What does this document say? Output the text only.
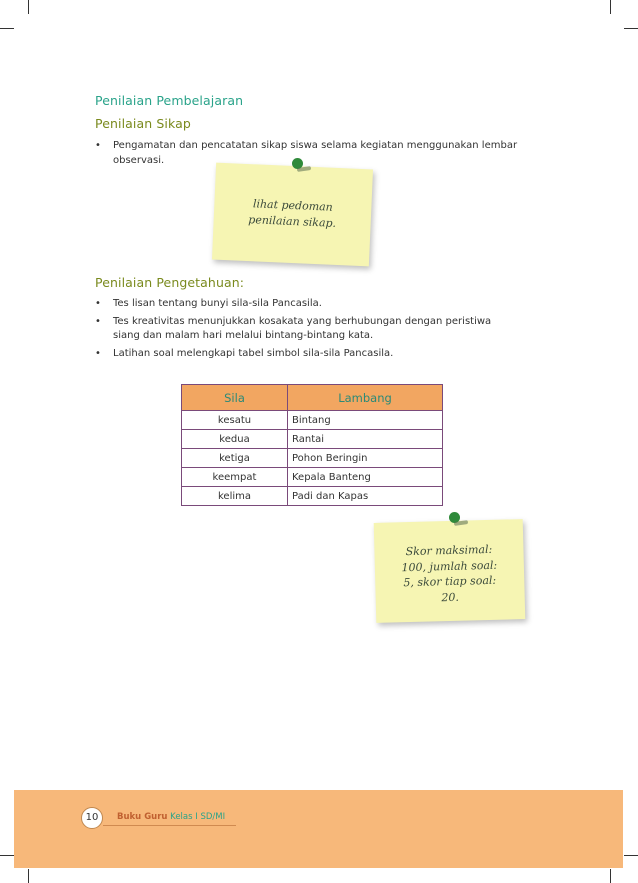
Penilaian Pembelajaran
Penilaian Sikap
• Pengamatan dan pencatatan sikap siswa selama kegiatan menggunakan lembar observasi.
lihat pedoman
penilaian sikap.
Penilaian Pengetahuan:
• Tes lisan tentang bunyi sila-sila Pancasila.
• Tes kreativitas menunjukkan kosakata yang berhubungan dengan peristiwa siang dan malam hari melalui bintang-bintang kata.
• Latihan soal melengkapi tabel simbol sila-sila Pancasila.
Sila	Lambang
kesatu	Bintang
kedua	Rantai
ketiga	Pohon Beringin
keempat	Kepala Banteng
kelima	Padi dan Kapas
Skor maksimal:
100, jumlah soal:
5, skor tiap soal:
20.
10	Buku Guru Kelas I SD/MI
